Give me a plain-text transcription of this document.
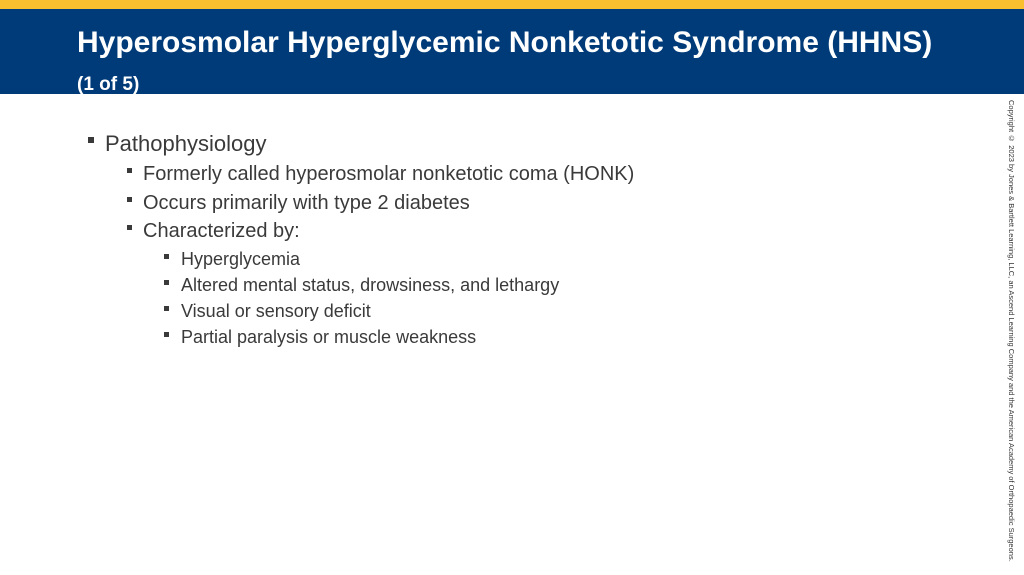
Hyperosmolar Hyperglycemic Nonketotic Syndrome (HHNS) (1 of 5)
Pathophysiology
Formerly called hyperosmolar nonketotic coma (HONK)
Occurs primarily with type 2 diabetes
Characterized by:
Hyperglycemia
Altered mental status, drowsiness, and lethargy
Visual or sensory deficit
Partial paralysis or muscle weakness	Copyright © 2023 by Jones & Bartlett Learning, LLC, an Ascend Learning Company and the American Academy of Orthopaedic Surgeons.
